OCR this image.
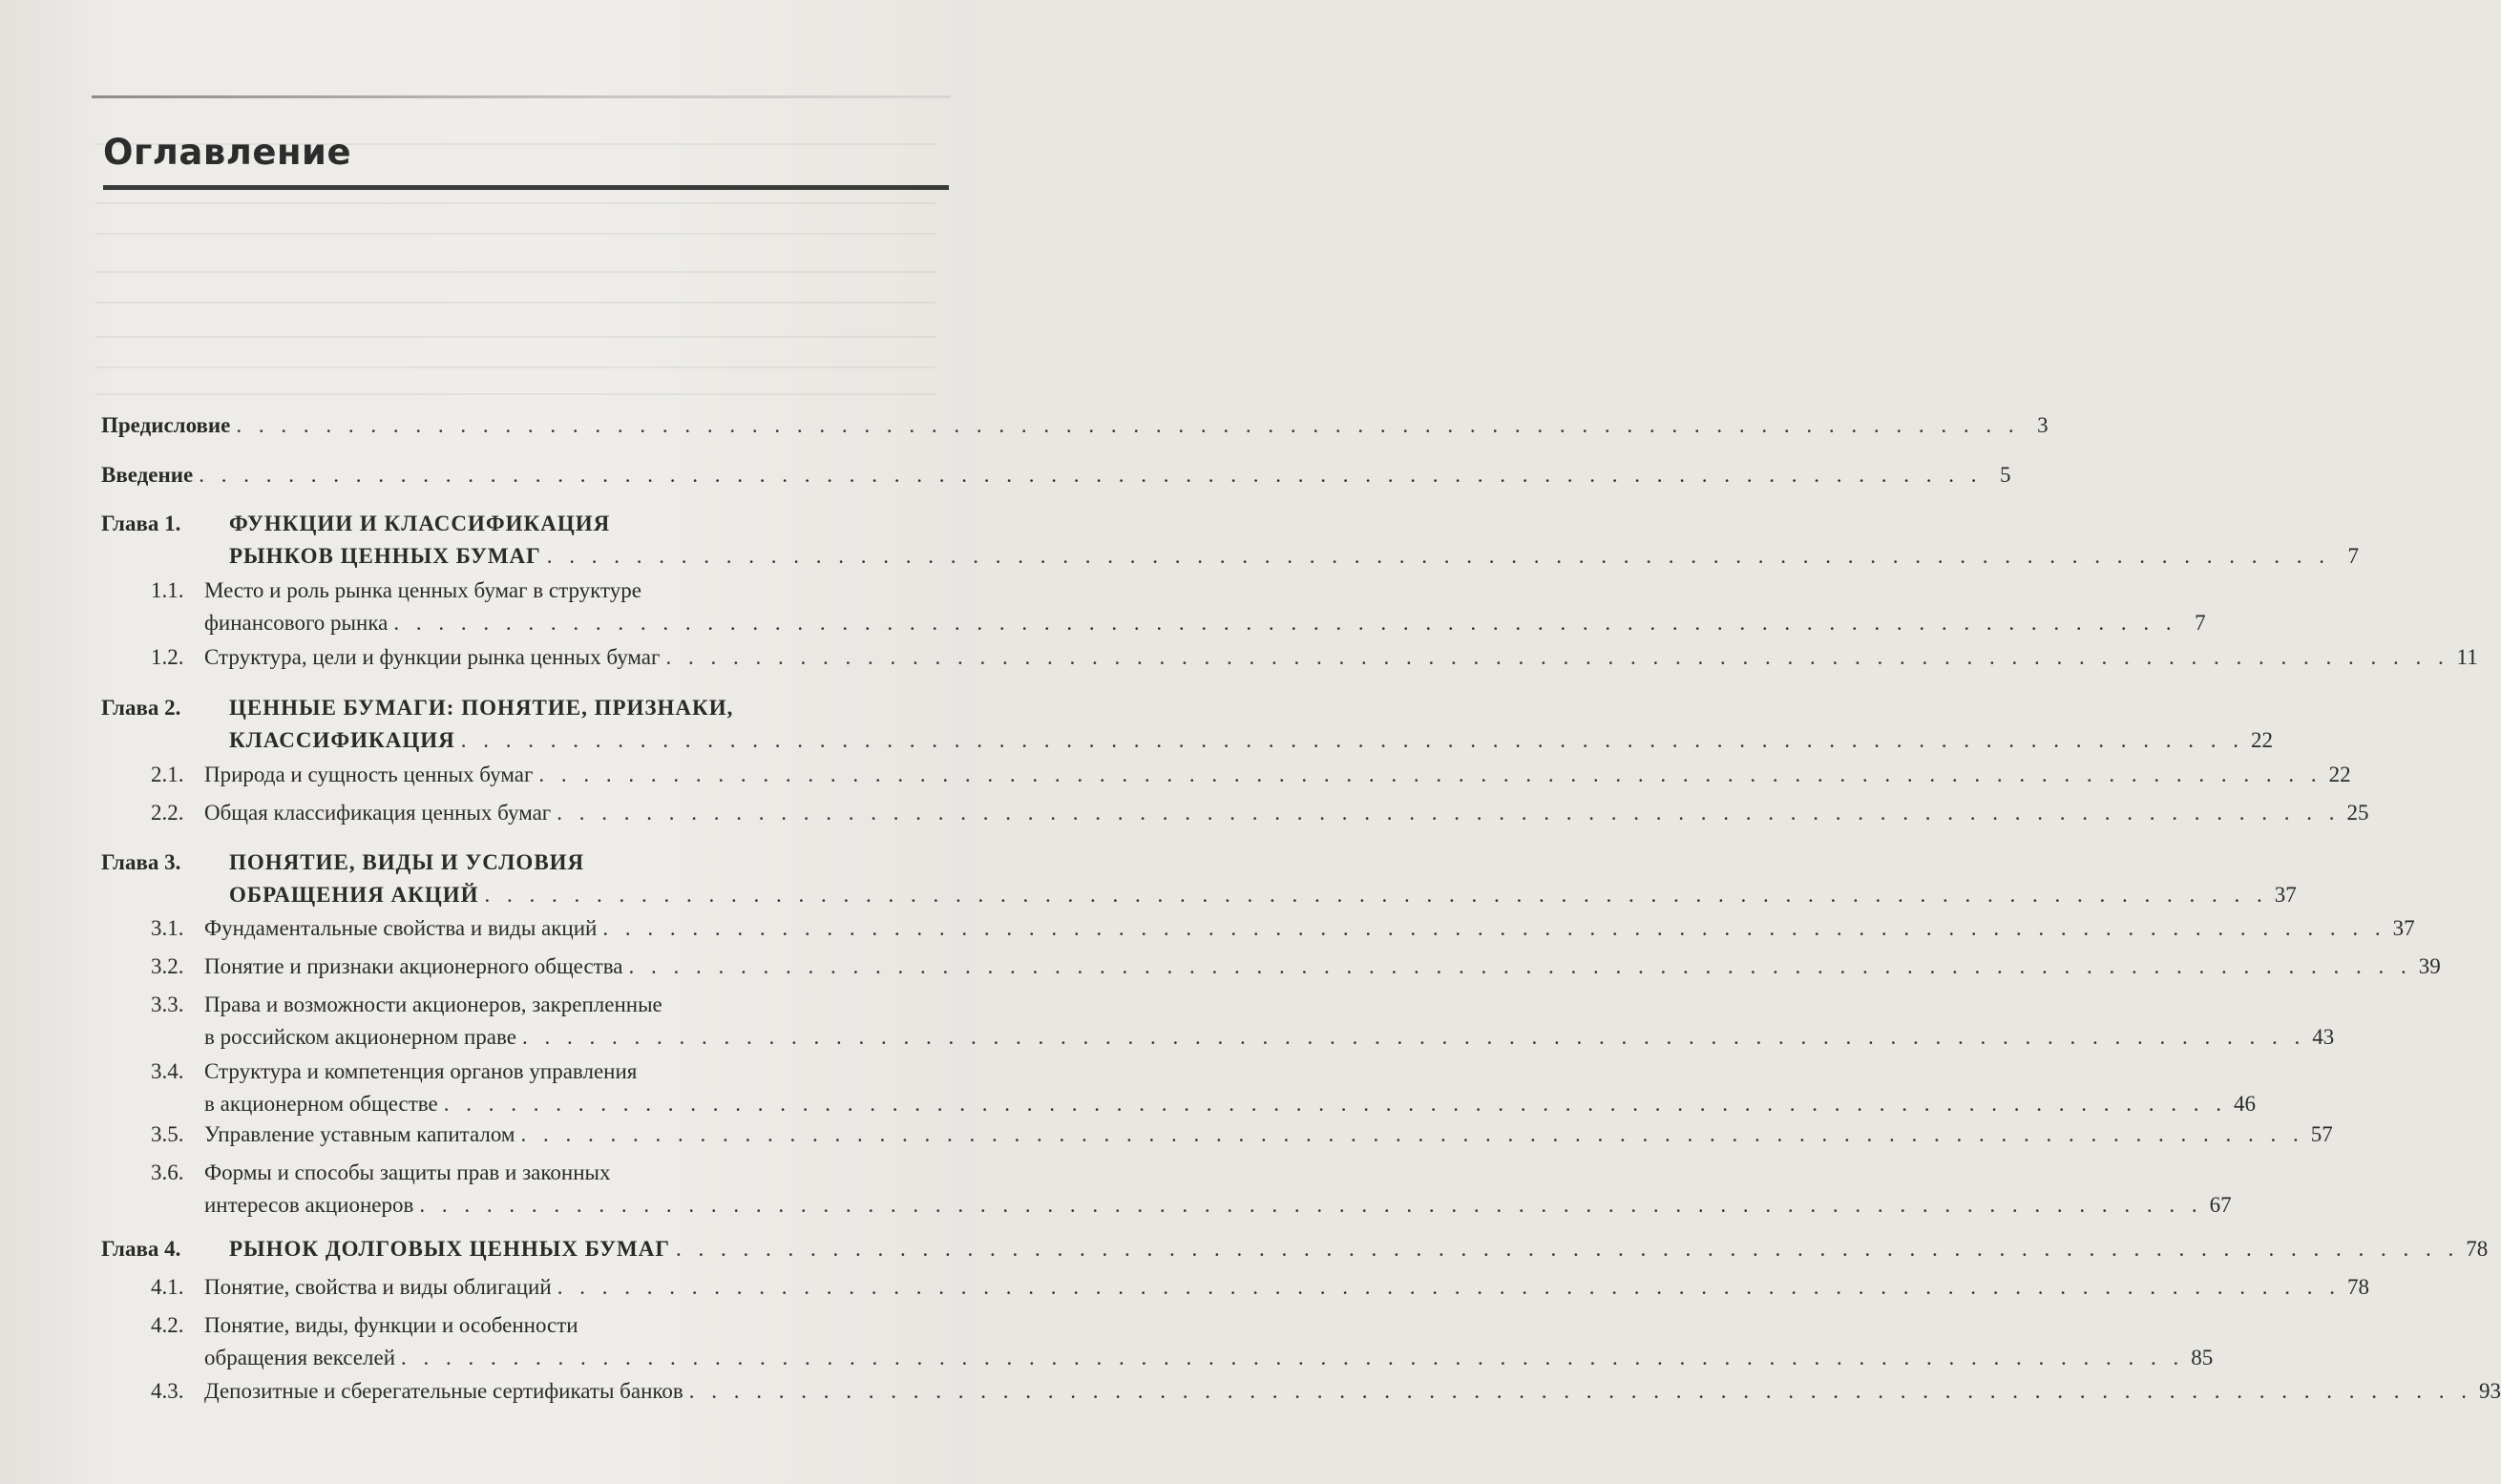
Оглавление
Предисловие . . . . . . . . . . . . . . . . . . . . . . . . . . . . . . . . . . . . . . . . . . . . . . . . . . . . . . . . . . . . . . . . . . . . . . . . . . . . . . . . 3
Введение . . . . . . . . . . . . . . . . . . . . . . . . . . . . . . . . . . . . . . . . . . . . . . . . . . . . . . . . . . . . . . . . . . . . . . . . . . . . . . . . 5
Глава 1. ФУНКЦИИ И КЛАССИФИКАЦИЯ
РЫНКОВ ЦЕННЫХ БУМАГ . . . . . . . . . . . . . . . . . . . . . . . . . . . . . . . . . . . . . . . . . . . . . . . . . . . . . . . . . . . . . . . . . . . . . . . . . . . . . . . . 7
1.1. Место и роль рынка ценных бумаг в структуре
финансового рынка . . . . . . . . . . . . . . . . . . . . . . . . . . . . . . . . . . . . . . . . . . . . . . . . . . . . . . . . . . . . . . . . . . . . . . . . . . . . . . . . 7
1.2. Структура, цели и функции рынка ценных бумаг . . . . . . . . . . . . . . . . . . . . . . . . . . . . . . . . . . . . . . . . . . . . . . . . . . . . . . . . . . . . . . . . . . . . . . . . . . . . . . . . 11
Глава 2. ЦЕННЫЕ БУМАГИ: ПОНЯТИЕ, ПРИЗНАКИ,
КЛАССИФИКАЦИЯ . . . . . . . . . . . . . . . . . . . . . . . . . . . . . . . . . . . . . . . . . . . . . . . . . . . . . . . . . . . . . . . . . . . . . . . . . . . . . . . . 22
2.1. Природа и сущность ценных бумаг . . . . . . . . . . . . . . . . . . . . . . . . . . . . . . . . . . . . . . . . . . . . . . . . . . . . . . . . . . . . . . . . . . . . . . . . . . . . . . . . 22
2.2. Общая классификация ценных бумаг . . . . . . . . . . . . . . . . . . . . . . . . . . . . . . . . . . . . . . . . . . . . . . . . . . . . . . . . . . . . . . . . . . . . . . . . . . . . . . . . 25
Глава 3. ПОНЯТИЕ, ВИДЫ И УСЛОВИЯ
ОБРАЩЕНИЯ АКЦИЙ . . . . . . . . . . . . . . . . . . . . . . . . . . . . . . . . . . . . . . . . . . . . . . . . . . . . . . . . . . . . . . . . . . . . . . . . . . . . . . . . 37
3.1. Фундаментальные свойства и виды акций . . . . . . . . . . . . . . . . . . . . . . . . . . . . . . . . . . . . . . . . . . . . . . . . . . . . . . . . . . . . . . . . . . . . . . . . . . . . . . . . 37
3.2. Понятие и признаки акционерного общества . . . . . . . . . . . . . . . . . . . . . . . . . . . . . . . . . . . . . . . . . . . . . . . . . . . . . . . . . . . . . . . . . . . . . . . . . . . . . . . . 39
3.3. Права и возможности акционеров, закрепленные
в российском акционерном праве . . . . . . . . . . . . . . . . . . . . . . . . . . . . . . . . . . . . . . . . . . . . . . . . . . . . . . . . . . . . . . . . . . . . . . . . . . . . . . . . 43
3.4. Структура и компетенция органов управления
в акционерном обществе . . . . . . . . . . . . . . . . . . . . . . . . . . . . . . . . . . . . . . . . . . . . . . . . . . . . . . . . . . . . . . . . . . . . . . . . . . . . . . . . 46
3.5. Управление уставным капиталом . . . . . . . . . . . . . . . . . . . . . . . . . . . . . . . . . . . . . . . . . . . . . . . . . . . . . . . . . . . . . . . . . . . . . . . . . . . . . . . . 57
3.6. Формы и способы защиты прав и законных
интересов акционеров . . . . . . . . . . . . . . . . . . . . . . . . . . . . . . . . . . . . . . . . . . . . . . . . . . . . . . . . . . . . . . . . . . . . . . . . . . . . . . . . 67
Глава 4. РЫНОК ДОЛГОВЫХ ЦЕННЫХ БУМАГ . . . . . . . . . . . . . . . . . . . . . . . . . . . . . . . . . . . . . . . . . . . . . . . . . . . . . . . . . . . . . . . . . . . . . . . . . . . . . . . . 78
4.1. Понятие, свойства и виды облигаций . . . . . . . . . . . . . . . . . . . . . . . . . . . . . . . . . . . . . . . . . . . . . . . . . . . . . . . . . . . . . . . . . . . . . . . . . . . . . . . . 78
4.2. Понятие, виды, функции и особенности
обращения векселей . . . . . . . . . . . . . . . . . . . . . . . . . . . . . . . . . . . . . . . . . . . . . . . . . . . . . . . . . . . . . . . . . . . . . . . . . . . . . . . . 85
4.3. Депозитные и сберегательные сертификаты банков . . . . . . . . . . . . . . . . . . . . . . . . . . . . . . . . . . . . . . . . . . . . . . . . . . . . . . . . . . . . . . . . . . . . . . . . . . . . . . . . 93
